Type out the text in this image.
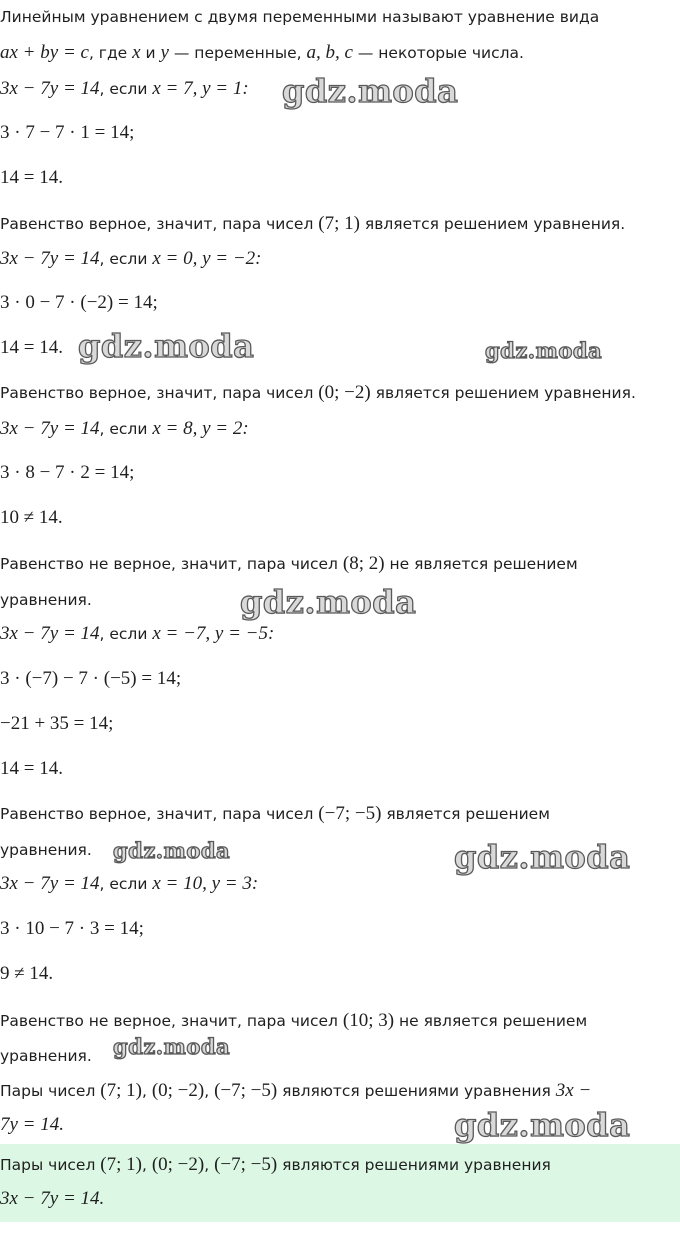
Линейным уравнением с двумя переменными называют уравнение вида
ax + by = c, где x и y — переменные, a, b, c — некоторые числа.
3x − 7y = 14, если x = 7, y = 1:
3 · 7 − 7 · 1 = 14;
14 = 14.
Равенство верное, значит, пара чисел (7; 1) является решением уравнения.
3x − 7y = 14, если x = 0, y = −2:
3 · 0 − 7 · (−2) = 14;
14 = 14.
Равенство верное, значит, пара чисел (0; −2) является решением уравнения.
3x − 7y = 14, если x = 8, y = 2:
3 · 8 − 7 · 2 = 14;
10 ≠ 14.
Равенство не верное, значит, пара чисел (8; 2) не является решением
уравнения.
3x − 7y = 14, если x = −7, y = −5:
3 · (−7) − 7 · (−5) = 14;
−21 + 35 = 14;
14 = 14.
Равенство верное, значит, пара чисел (−7; −5) является решением
уравнения.
3x − 7y = 14, если x = 10, y = 3:
3 · 10 − 7 · 3 = 14;
9 ≠ 14.
Равенство не верное, значит, пара чисел (10; 3) не является решением
уравнения.
Пары чисел (7; 1), (0; −2), (−7; −5) являются решениями уравнения 3x −
7y = 14.
Пары чисел (7; 1), (0; −2), (−7; −5) являются решениями уравнения
3x − 7y = 14.
gdz.moda
gdz.moda	gdz.moda
gdz.moda
gdz.moda	gdz.moda
gdz.moda
gdz.moda
